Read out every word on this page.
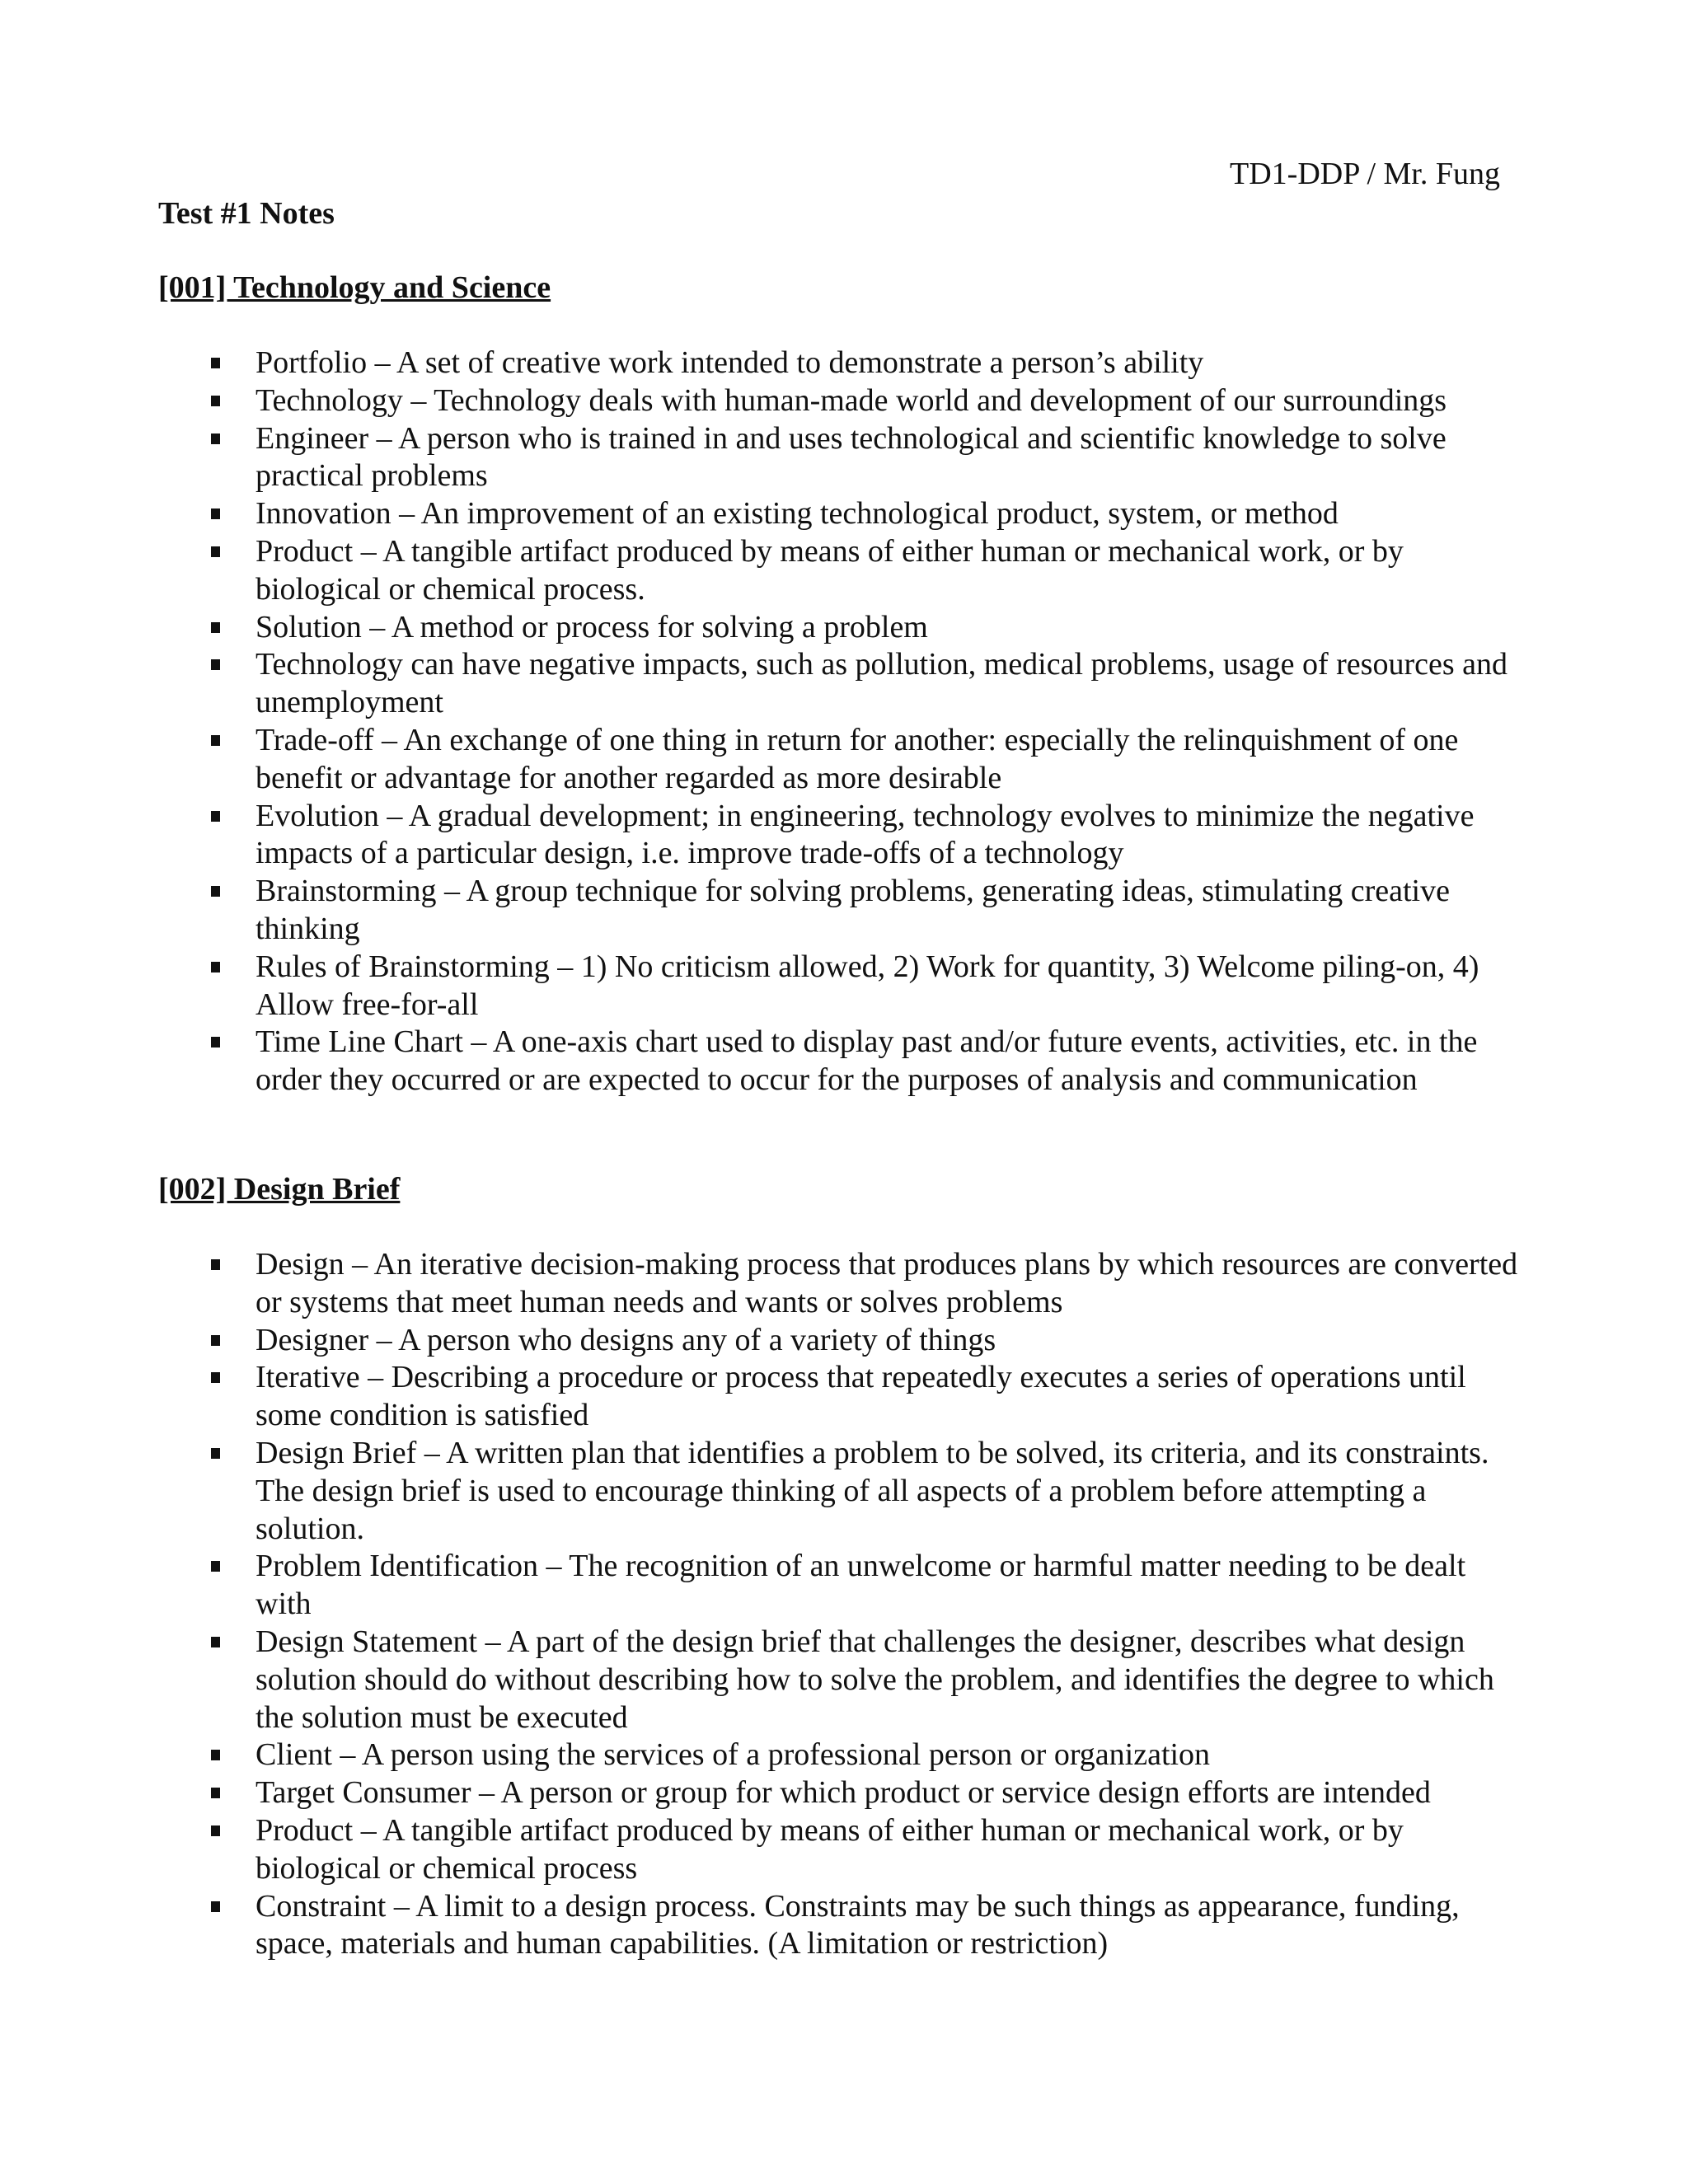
TD1-DDP / Mr. Fung
Test #1 Notes
[001] Technology and Science
Portfolio – A set of creative work intended to demonstrate a person’s ability
Technology – Technology deals with human-made world and development of our surroundings
Engineer – A person who is trained in and uses technological and scientific knowledge to solve practical problems
Innovation – An improvement of an existing technological product, system, or method
Product – A tangible artifact produced by means of either human or mechanical work, or by biological or chemical process.
Solution – A method or process for solving a problem
Technology can have negative impacts, such as pollution, medical problems, usage of resources and unemployment
Trade-off – An exchange of one thing in return for another: especially the relinquishment of one benefit or advantage for another regarded as more desirable
Evolution – A gradual development; in engineering, technology evolves to minimize the negative impacts of a particular design, i.e. improve trade-offs of a technology
Brainstorming – A group technique for solving problems, generating ideas, stimulating creative thinking
Rules of Brainstorming – 1) No criticism allowed, 2) Work for quantity, 3) Welcome piling-on, 4) Allow free-for-all
Time Line Chart – A one-axis chart used to display past and/or future events, activities, etc. in the order they occurred or are expected to occur for the purposes of analysis and communication
[002] Design Brief
Design – An iterative decision-making process that produces plans by which resources are converted or systems that meet human needs and wants or solves problems
Designer – A person who designs any of a variety of things
Iterative – Describing a procedure or process that repeatedly executes a series of operations until some condition is satisfied
Design Brief – A written plan that identifies a problem to be solved, its criteria, and its constraints. The design brief is used to encourage thinking of all aspects of a problem before attempting a solution.
Problem Identification – The recognition of an unwelcome or harmful matter needing to be dealt with
Design Statement – A part of the design brief that challenges the designer, describes what design solution should do without describing how to solve the problem, and identifies the degree to which the solution must be executed
Client – A person using the services of a professional person or organization
Target Consumer – A person or group for which product or service design efforts are intended
Product – A tangible artifact produced by means of either human or mechanical work, or by biological or chemical process
Constraint – A limit to a design process. Constraints may be such things as appearance, funding, space, materials and human capabilities. (A limitation or restriction)
